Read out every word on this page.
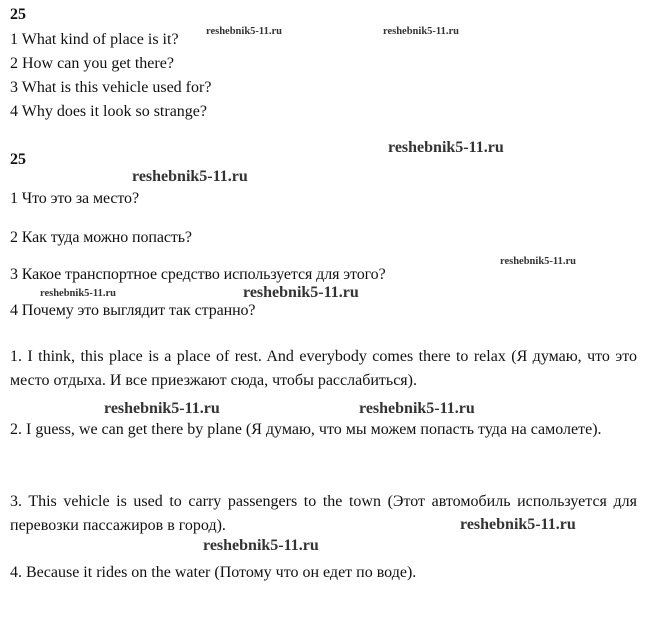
25

1 What kind of place is it?

2 How can you get there?

3 What is this vehicle used for?

4 Why does it look so strange?

25

1 Что это за место?

2 Как туда можно попасть?

3 Какое транспортное средство используется для этого?

4 Почему это выглядит так странно?

1. I think, this place is a place of rest. And everybody comes there to relax (Я думаю, что это место отдыха. И все приезжают сюда, чтобы расслабиться).

2. I guess, we can get there by plane (Я думаю, что мы можем попасть туда на самолете).

3. This vehicle is used to carry passengers to the town (Этот автомобиль используется для перевозки пассажиров в город).

4. Because it rides on the water (Потому что он едет по воде).

reshebnik5-11.ru	reshebnik5-11.ru

reshebnik5-11.ru

reshebnik5-11.ru

reshebnik5-11.ru

reshebnik5-11.ru	reshebnik5-11.ru

reshebnik5-11.ru	reshebnik5-11.ru

reshebnik5-11.ru

reshebnik5-11.ru
